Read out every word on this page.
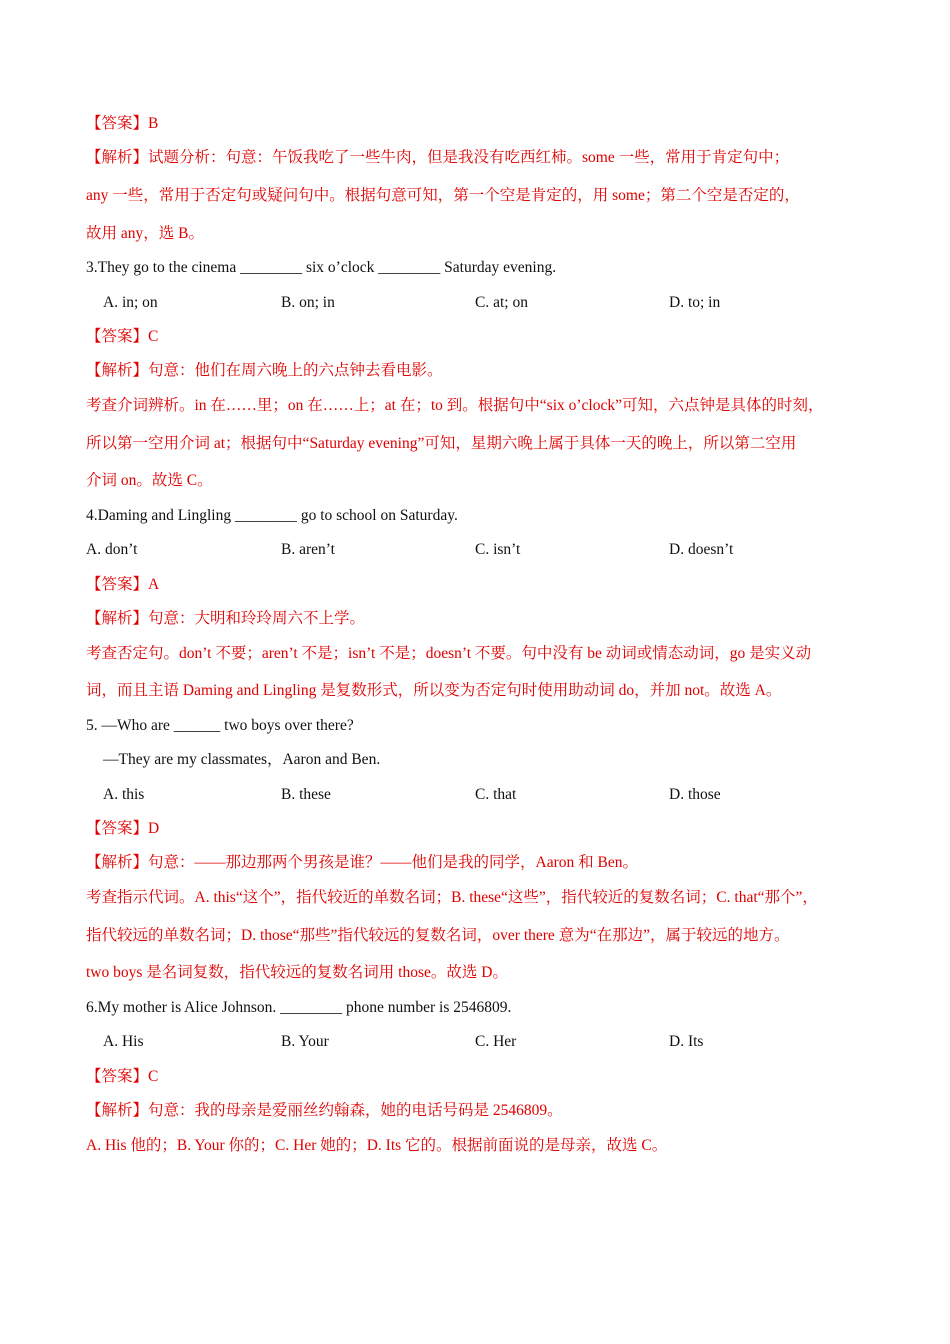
【答案】B
【解析】试题分析：句意：午饭我吃了一些牛肉，但是我没有吃西红柿。some 一些，常用于肯定句中；
any 一些，常用于否定句或疑问句中。根据句意可知，第一个空是肯定的，用 some；第二个空是否定的，
故用 any，选 B。
3.They go to the cinema ________ six o’clock ________ Saturday evening.
A. in; on	B. on; in	C. at; on	D. to; in
【答案】C
【解析】句意：他们在周六晚上的六点钟去看电影。
考查介词辨析。in 在……里；on 在……上；at 在；to 到。根据句中“six o’clock”可知，六点钟是具体的时刻，
所以第一空用介词 at；根据句中“Saturday evening”可知，星期六晚上属于具体一天的晚上，所以第二空用
介词 on。故选 C。
4.Daming and Lingling ________ go to school on Saturday.
A. don’t	B. aren’t	C. isn’t	D. doesn’t
【答案】A
【解析】句意：大明和玲玲周六不上学。
考查否定句。don’t 不要；aren’t 不是；isn’t 不是；doesn’t 不要。句中没有 be 动词或情态动词，go 是实义动
词，而且主语 Daming and Lingling 是复数形式，所以变为否定句时使用助动词 do，并加 not。故选 A。
5. —Who are ______ two boys over there?
—They are my classmates，Aaron and Ben.
A. this	B. these	C. that	D. those
【答案】D
【解析】句意：——那边那两个男孩是谁？——他们是我的同学，Aaron 和 Ben。
考查指示代词。A. this“这个”，指代较近的单数名词；B. these“这些”，指代较近的复数名词；C. that“那个”，
指代较远的单数名词；D. those“那些”指代较远的复数名词，over there 意为“在那边”，属于较远的地方。
two boys 是名词复数，指代较远的复数名词用 those。故选 D。
6.My mother is Alice Johnson. ________ phone number is 2546809.
A. His	B. Your	C. Her	D. Its
【答案】C
【解析】句意：我的母亲是爱丽丝约翰森，她的电话号码是 2546809。
A. His 他的；B. Your 你的；C. Her 她的；D. Its 它的。根据前面说的是母亲，故选 C。
